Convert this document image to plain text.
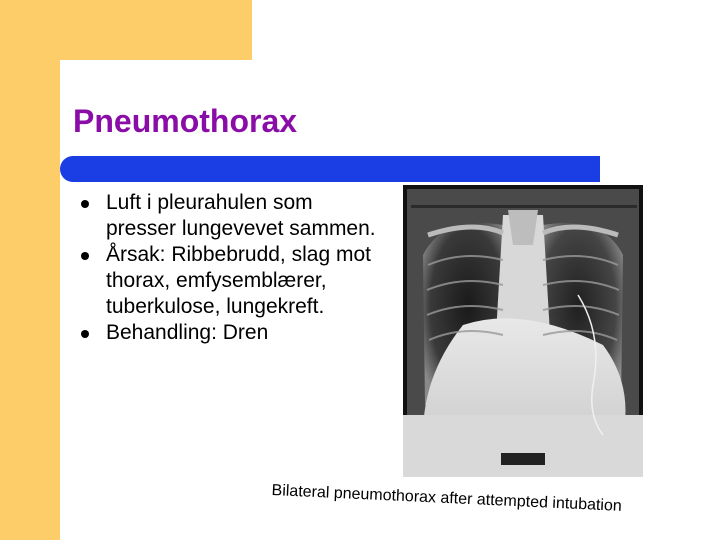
Pneumothorax
Luft i pleurahulen som presser lungevevet sammen.
Årsak: Ribbebrudd, slag mot thorax, emfysemblærer, tuberkulose, lungekreft.
Behandling: Dren

Bilateral pneumothorax after attempted intubation
